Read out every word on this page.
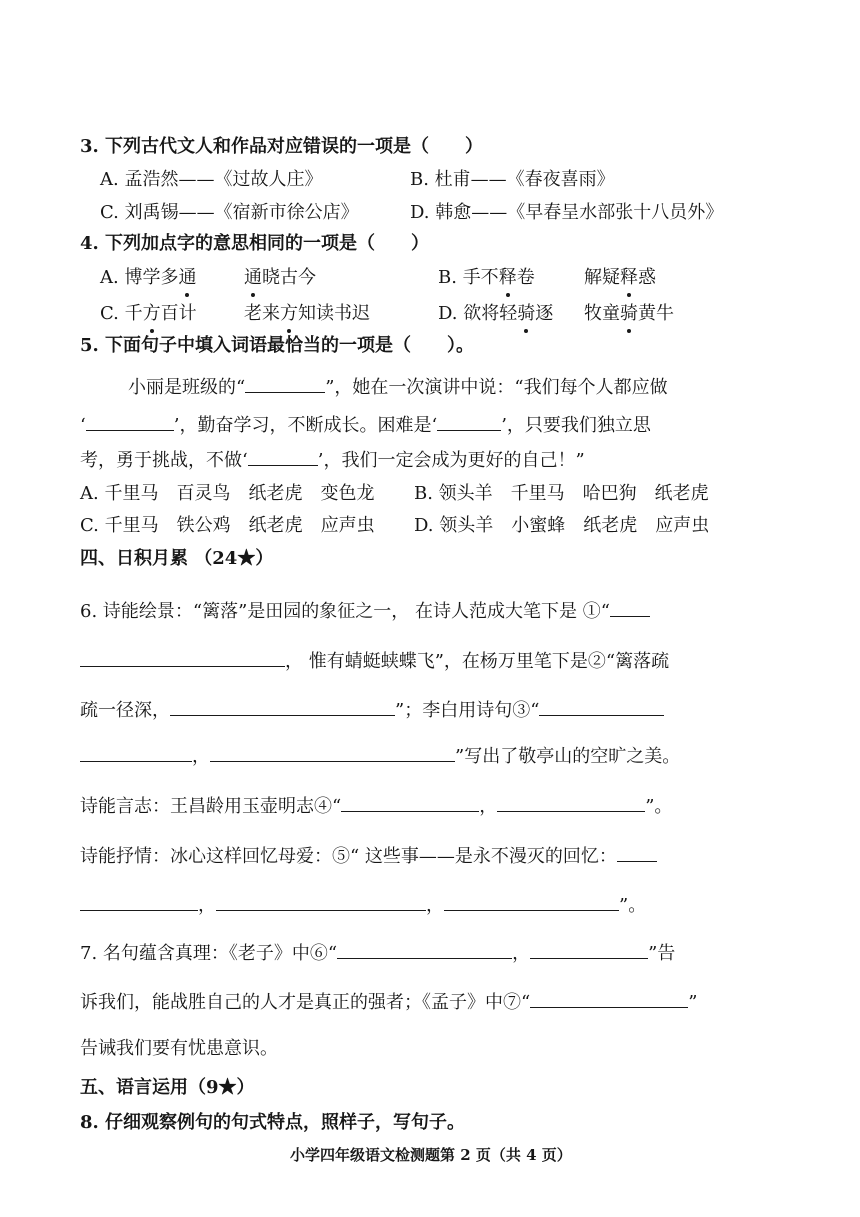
3. 下列古代文人和作品对应错误的一项是（　　）
A. 孟浩然——《过故人庄》	B. 杜甫——《春夜喜雨》
C. 刘禹锡——《宿新市徐公店》	D. 韩愈——《早春呈水部张十八员外》
4. 下列加点字的意思相同的一项是（　　）
A. 博学多通	通晓古今	B. 手不释卷	解疑释惑
C. 千方百计	老来方知读书迟	D. 欲将轻骑逐 牧童骑黄牛
5. 下面句子中填入词语最恰当的一项是（　　）。
小丽是班级的“	”，她在一次演讲中说：“我们每个人都应做
‘	’，勤奋学习，不断成长。困难是‘	’，只要我们独立思
考，勇于挑战，不做‘	’，我们一定会成为更好的自己！”
A. 千里马　百灵鸟　纸老虎　变色龙 B. 领头羊　千里马　哈巴狗　纸老虎
C. 千里马　铁公鸡　纸老虎　应声虫 D. 领头羊　小蜜蜂　纸老虎　应声虫
四、日积月累 （24★）
6. 诗能绘景：“篱落”是田园的象征之一， 在诗人范成大笔下是 ①“
， 惟有蜻蜓蛱蝶飞”，在杨万里笔下是②“篱落疏
疏一径深，	”；李白用诗句③“
，	”写出了敬亭山的空旷之美。
诗能言志：王昌龄用玉壶明志④“	，	”。
诗能抒情：冰心这样回忆母爱：⑤“ 这些事——是永不漫灭的回忆：
，	，	”。
7. 名句蕴含真理：《老子》中⑥“	，	”告
诉我们，能战胜自己的人才是真正的强者；《孟子》中⑦“	”
告诫我们要有忧患意识。
五、语言运用（9★）
8. 仔细观察例句的句式特点，照样子，写句子。
小学四年级语文检测题第 2 页（共 4 页）
